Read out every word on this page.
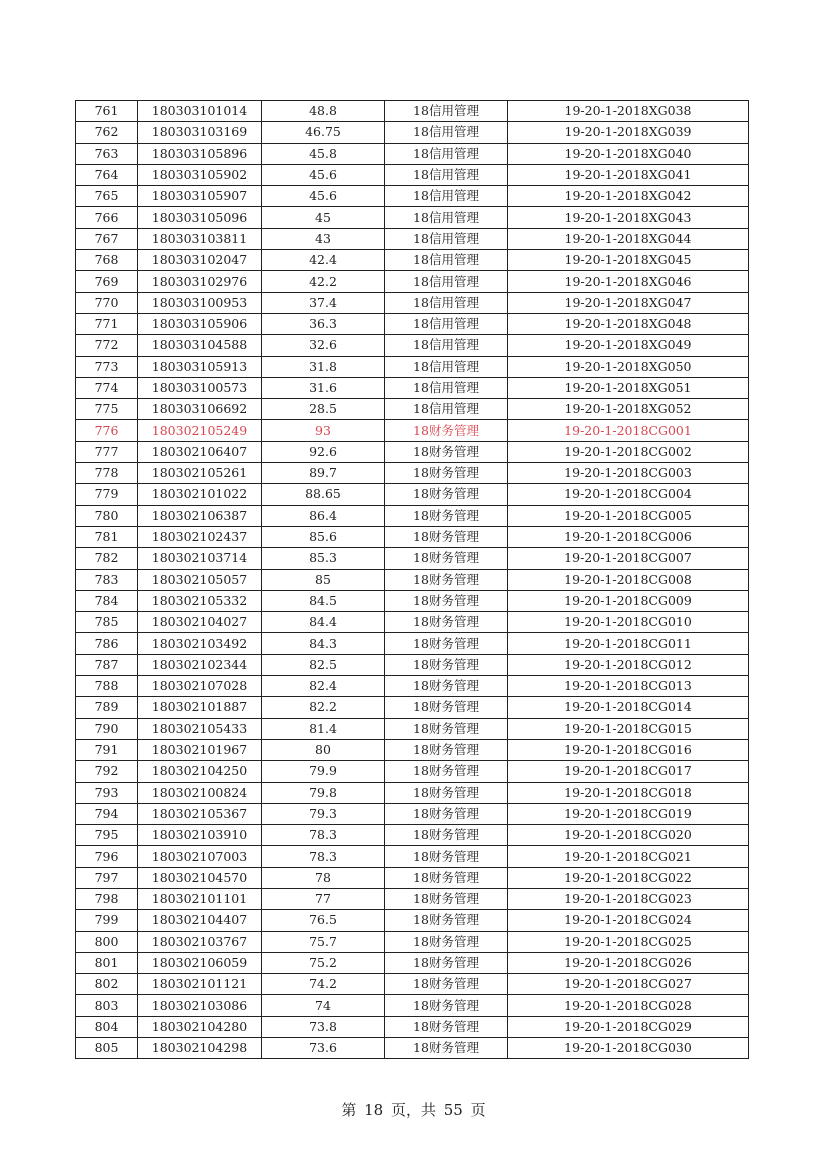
761	180303101014	48.8	18信用管理	19-20-1-2018XG038
762	180303103169	46.75	18信用管理	19-20-1-2018XG039
763	180303105896	45.8	18信用管理	19-20-1-2018XG040
764	180303105902	45.6	18信用管理	19-20-1-2018XG041
765	180303105907	45.6	18信用管理	19-20-1-2018XG042
766	180303105096	45	18信用管理	19-20-1-2018XG043
767	180303103811	43	18信用管理	19-20-1-2018XG044
768	180303102047	42.4	18信用管理	19-20-1-2018XG045
769	180303102976	42.2	18信用管理	19-20-1-2018XG046
770	180303100953	37.4	18信用管理	19-20-1-2018XG047
771	180303105906	36.3	18信用管理	19-20-1-2018XG048
772	180303104588	32.6	18信用管理	19-20-1-2018XG049
773	180303105913	31.8	18信用管理	19-20-1-2018XG050
774	180303100573	31.6	18信用管理	19-20-1-2018XG051
775	180303106692	28.5	18信用管理	19-20-1-2018XG052
776	180302105249	93	18财务管理	19-20-1-2018CG001
777	180302106407	92.6	18财务管理	19-20-1-2018CG002
778	180302105261	89.7	18财务管理	19-20-1-2018CG003
779	180302101022	88.65	18财务管理	19-20-1-2018CG004
780	180302106387	86.4	18财务管理	19-20-1-2018CG005
781	180302102437	85.6	18财务管理	19-20-1-2018CG006
782	180302103714	85.3	18财务管理	19-20-1-2018CG007
783	180302105057	85	18财务管理	19-20-1-2018CG008
784	180302105332	84.5	18财务管理	19-20-1-2018CG009
785	180302104027	84.4	18财务管理	19-20-1-2018CG010
786	180302103492	84.3	18财务管理	19-20-1-2018CG011
787	180302102344	82.5	18财务管理	19-20-1-2018CG012
788	180302107028	82.4	18财务管理	19-20-1-2018CG013
789	180302101887	82.2	18财务管理	19-20-1-2018CG014
790	180302105433	81.4	18财务管理	19-20-1-2018CG015
791	180302101967	80	18财务管理	19-20-1-2018CG016
792	180302104250	79.9	18财务管理	19-20-1-2018CG017
793	180302100824	79.8	18财务管理	19-20-1-2018CG018
794	180302105367	79.3	18财务管理	19-20-1-2018CG019
795	180302103910	78.3	18财务管理	19-20-1-2018CG020
796	180302107003	78.3	18财务管理	19-20-1-2018CG021
797	180302104570	78	18财务管理	19-20-1-2018CG022
798	180302101101	77	18财务管理	19-20-1-2018CG023
799	180302104407	76.5	18财务管理	19-20-1-2018CG024
800	180302103767	75.7	18财务管理	19-20-1-2018CG025
801	180302106059	75.2	18财务管理	19-20-1-2018CG026
802	180302101121	74.2	18财务管理	19-20-1-2018CG027
803	180302103086	74	18财务管理	19-20-1-2018CG028
804	180302104280	73.8	18财务管理	19-20-1-2018CG029
805	180302104298	73.6	18财务管理	19-20-1-2018CG030
第 18 页，共 55 页
